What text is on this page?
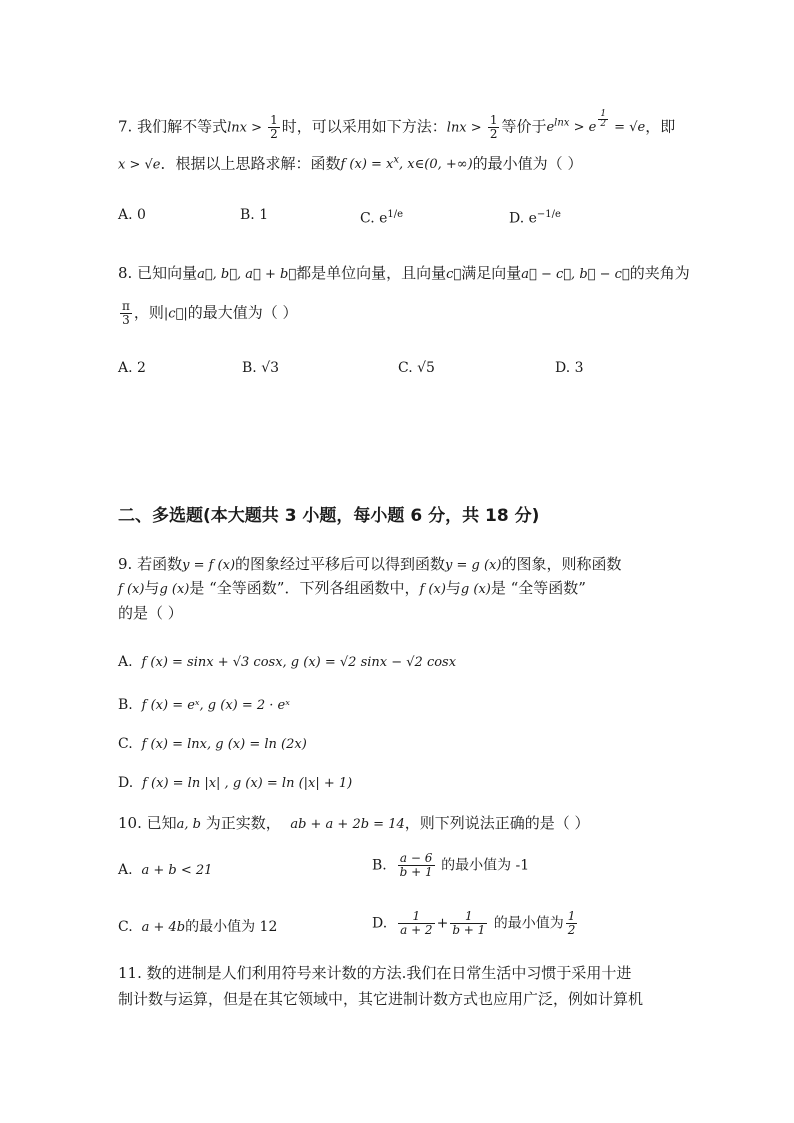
7. 我们解不等式$\ln x > \frac{1}{2}$ 时，可以采用如下方法：$\ln x > \frac{1}{2}$ 等价于$e^{lnx} > e \frac{1}{2} = √e$，即
x > √e．根据以上思路求解：函数f $(x) = x^x$, x∈(0, +∞)的最小值为（ ）
A. 0	B. 1	C. $e^{1/e}$	D. $e^{-1/e}$
8. 已知向量a⃗, b⃗, a⃗ + b⃗都是单位向量，且向量c⃗满足向量a⃗ − c⃗, b⃗ − c⃗的夹角为
$\frac{\pi}{3}$ ，则|c⃗|的最大值为（ ）
A. 2	B. √3	C. √5	D. 3
二、多选题(本大题共 3 小题，每小题 6 分，共 18 分)
9. 若函数y = f (x)的图象经过平移后可以得到函数y = g (x)的图象，则称函数
f (x)与g (x)是 “全等函数”．下列各组函数中，f (x)与g (x)是 “全等函数”
的是（ ）
A. f (x) = sinx + √3 cosx, g (x) = √2 sinx − √2 cosx
B. f (x) = eˣ, g (x) = 2 · eˣ
C. f (x) = lnx, g (x) = ln (2x)
D. f (x) = ln |x| , g (x) = ln (|x| + 1)
10. 已知a, b 为正实数， ab + a + 2b = 14，则下列说法正确的是（ ）
A. a + b < 21	B. $\frac{a - 6}{b + 1}$ 的最小值为 -1
C. a + 4b的最小值为 12	D. $\frac{1}{a + 2} + \frac{1}{b + 1}$ 的最小值为 $\frac{1}{2}$
11. 数的进制是人们利用符号来计数的方法.我们在日常生活中习惯于采用十进
制计数与运算，但是在其它领域中，其它进制计数方式也应用广泛，例如计算机
